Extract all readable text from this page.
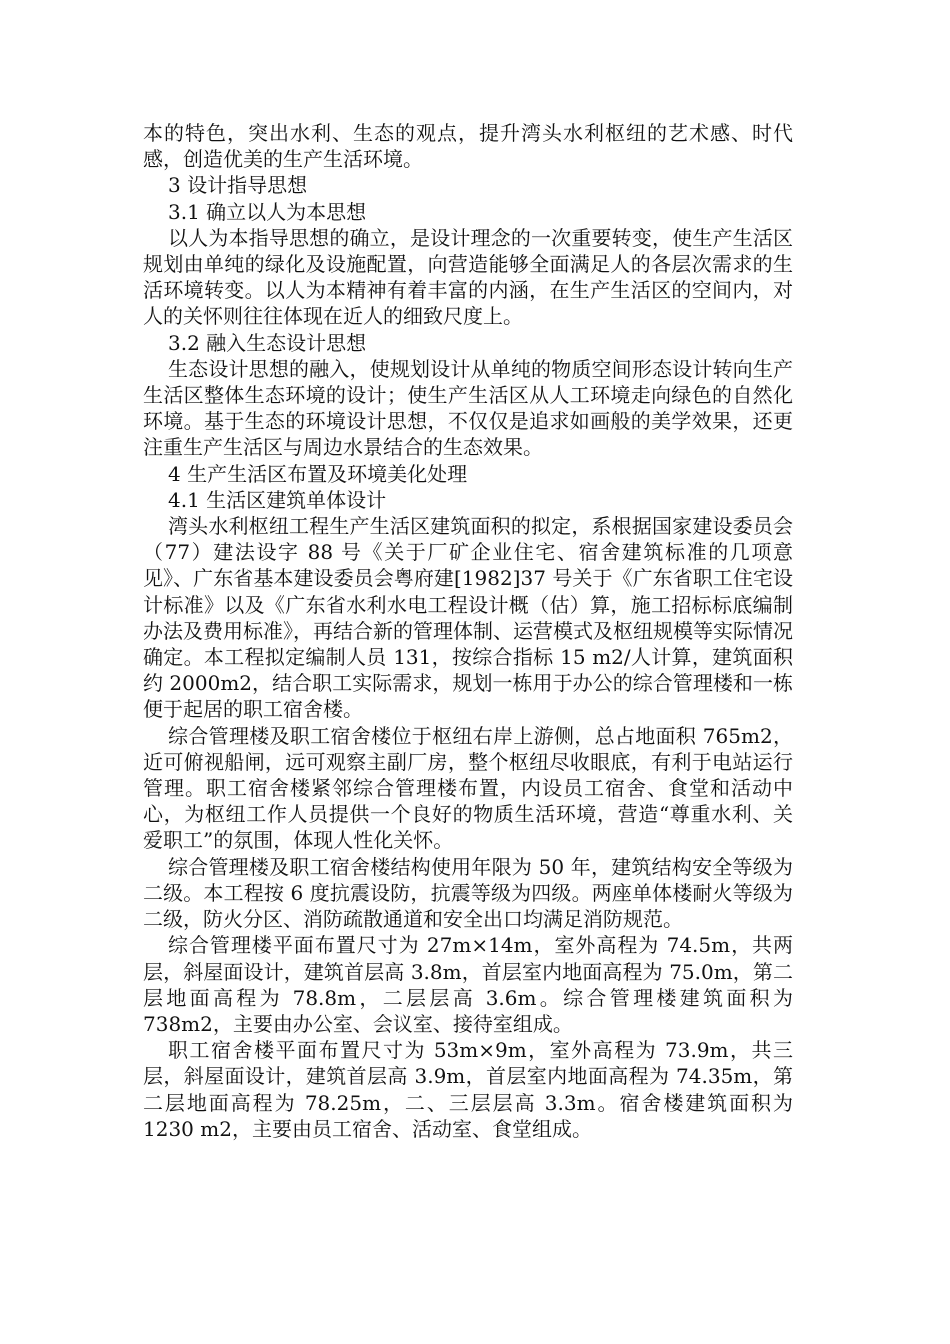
本的特色，突出水利、生态的观点，提升湾头水利枢纽的艺术感、时代感，创造优美的生产生活环境。

3 设计指导思想

3.1 确立以人为本思想

以人为本指导思想的确立，是设计理念的一次重要转变，使生产生活区规划由单纯的绿化及设施配置，向营造能够全面满足人的各层次需求的生活环境转变。以人为本精神有着丰富的内涵，在生产生活区的空间内，对人的关怀则往往体现在近人的细致尺度上。

3.2 融入生态设计思想

生态设计思想的融入，使规划设计从单纯的物质空间形态设计转向生产生活区整体生态环境的设计；使生产生活区从人工环境走向绿色的自然化环境。基于生态的环境设计思想，不仅仅是追求如画般的美学效果，还更注重生产生活区与周边水景结合的生态效果。

4 生产生活区布置及环境美化处理

4.1 生活区建筑单体设计

湾头水利枢纽工程生产生活区建筑面积的拟定，系根据国家建设委员会（77）建法设字 88 号《关于厂矿企业住宅、宿舍建筑标准的几项意见》、广东省基本建设委员会粤府建[1982]37 号关于《广东省职工住宅设计标准》以及《广东省水利水电工程设计概（估）算，施工招标标底编制办法及费用标准》，再结合新的管理体制、运营模式及枢纽规模等实际情况确定。本工程拟定编制人员 131，按综合指标 15 m2/人计算，建筑面积约 2000m2，结合职工实际需求，规划一栋用于办公的综合管理楼和一栋便于起居的职工宿舍楼。

综合管理楼及职工宿舍楼位于枢纽右岸上游侧，总占地面积 765m2，近可俯视船闸，远可观察主副厂房，整个枢纽尽收眼底，有利于电站运行管理。职工宿舍楼紧邻综合管理楼布置，内设员工宿舍、食堂和活动中心，为枢纽工作人员提供一个良好的物质生活环境，营造“尊重水利、关爱职工”的氛围，体现人性化关怀。

综合管理楼及职工宿舍楼结构使用年限为 50 年，建筑结构安全等级为二级。本工程按 6 度抗震设防，抗震等级为四级。两座单体楼耐火等级为二级，防火分区、消防疏散通道和安全出口均满足消防规范。

综合管理楼平面布置尺寸为 27m×14m，室外高程为 74.5m，共两层，斜屋面设计，建筑首层高 3.8m，首层室内地面高程为 75.0m，第二层地面高程为 78.8m，二层层高 3.6m。综合管理楼建筑面积为 738m2，主要由办公室、会议室、接待室组成。

职工宿舍楼平面布置尺寸为 53m×9m，室外高程为 73.9m，共三层，斜屋面设计，建筑首层高 3.9m，首层室内地面高程为 74.35m，第二层地面高程为 78.25m，二、三层层高 3.3m。宿舍楼建筑面积为 1230 m2，主要由员工宿舍、活动室、食堂组成。
